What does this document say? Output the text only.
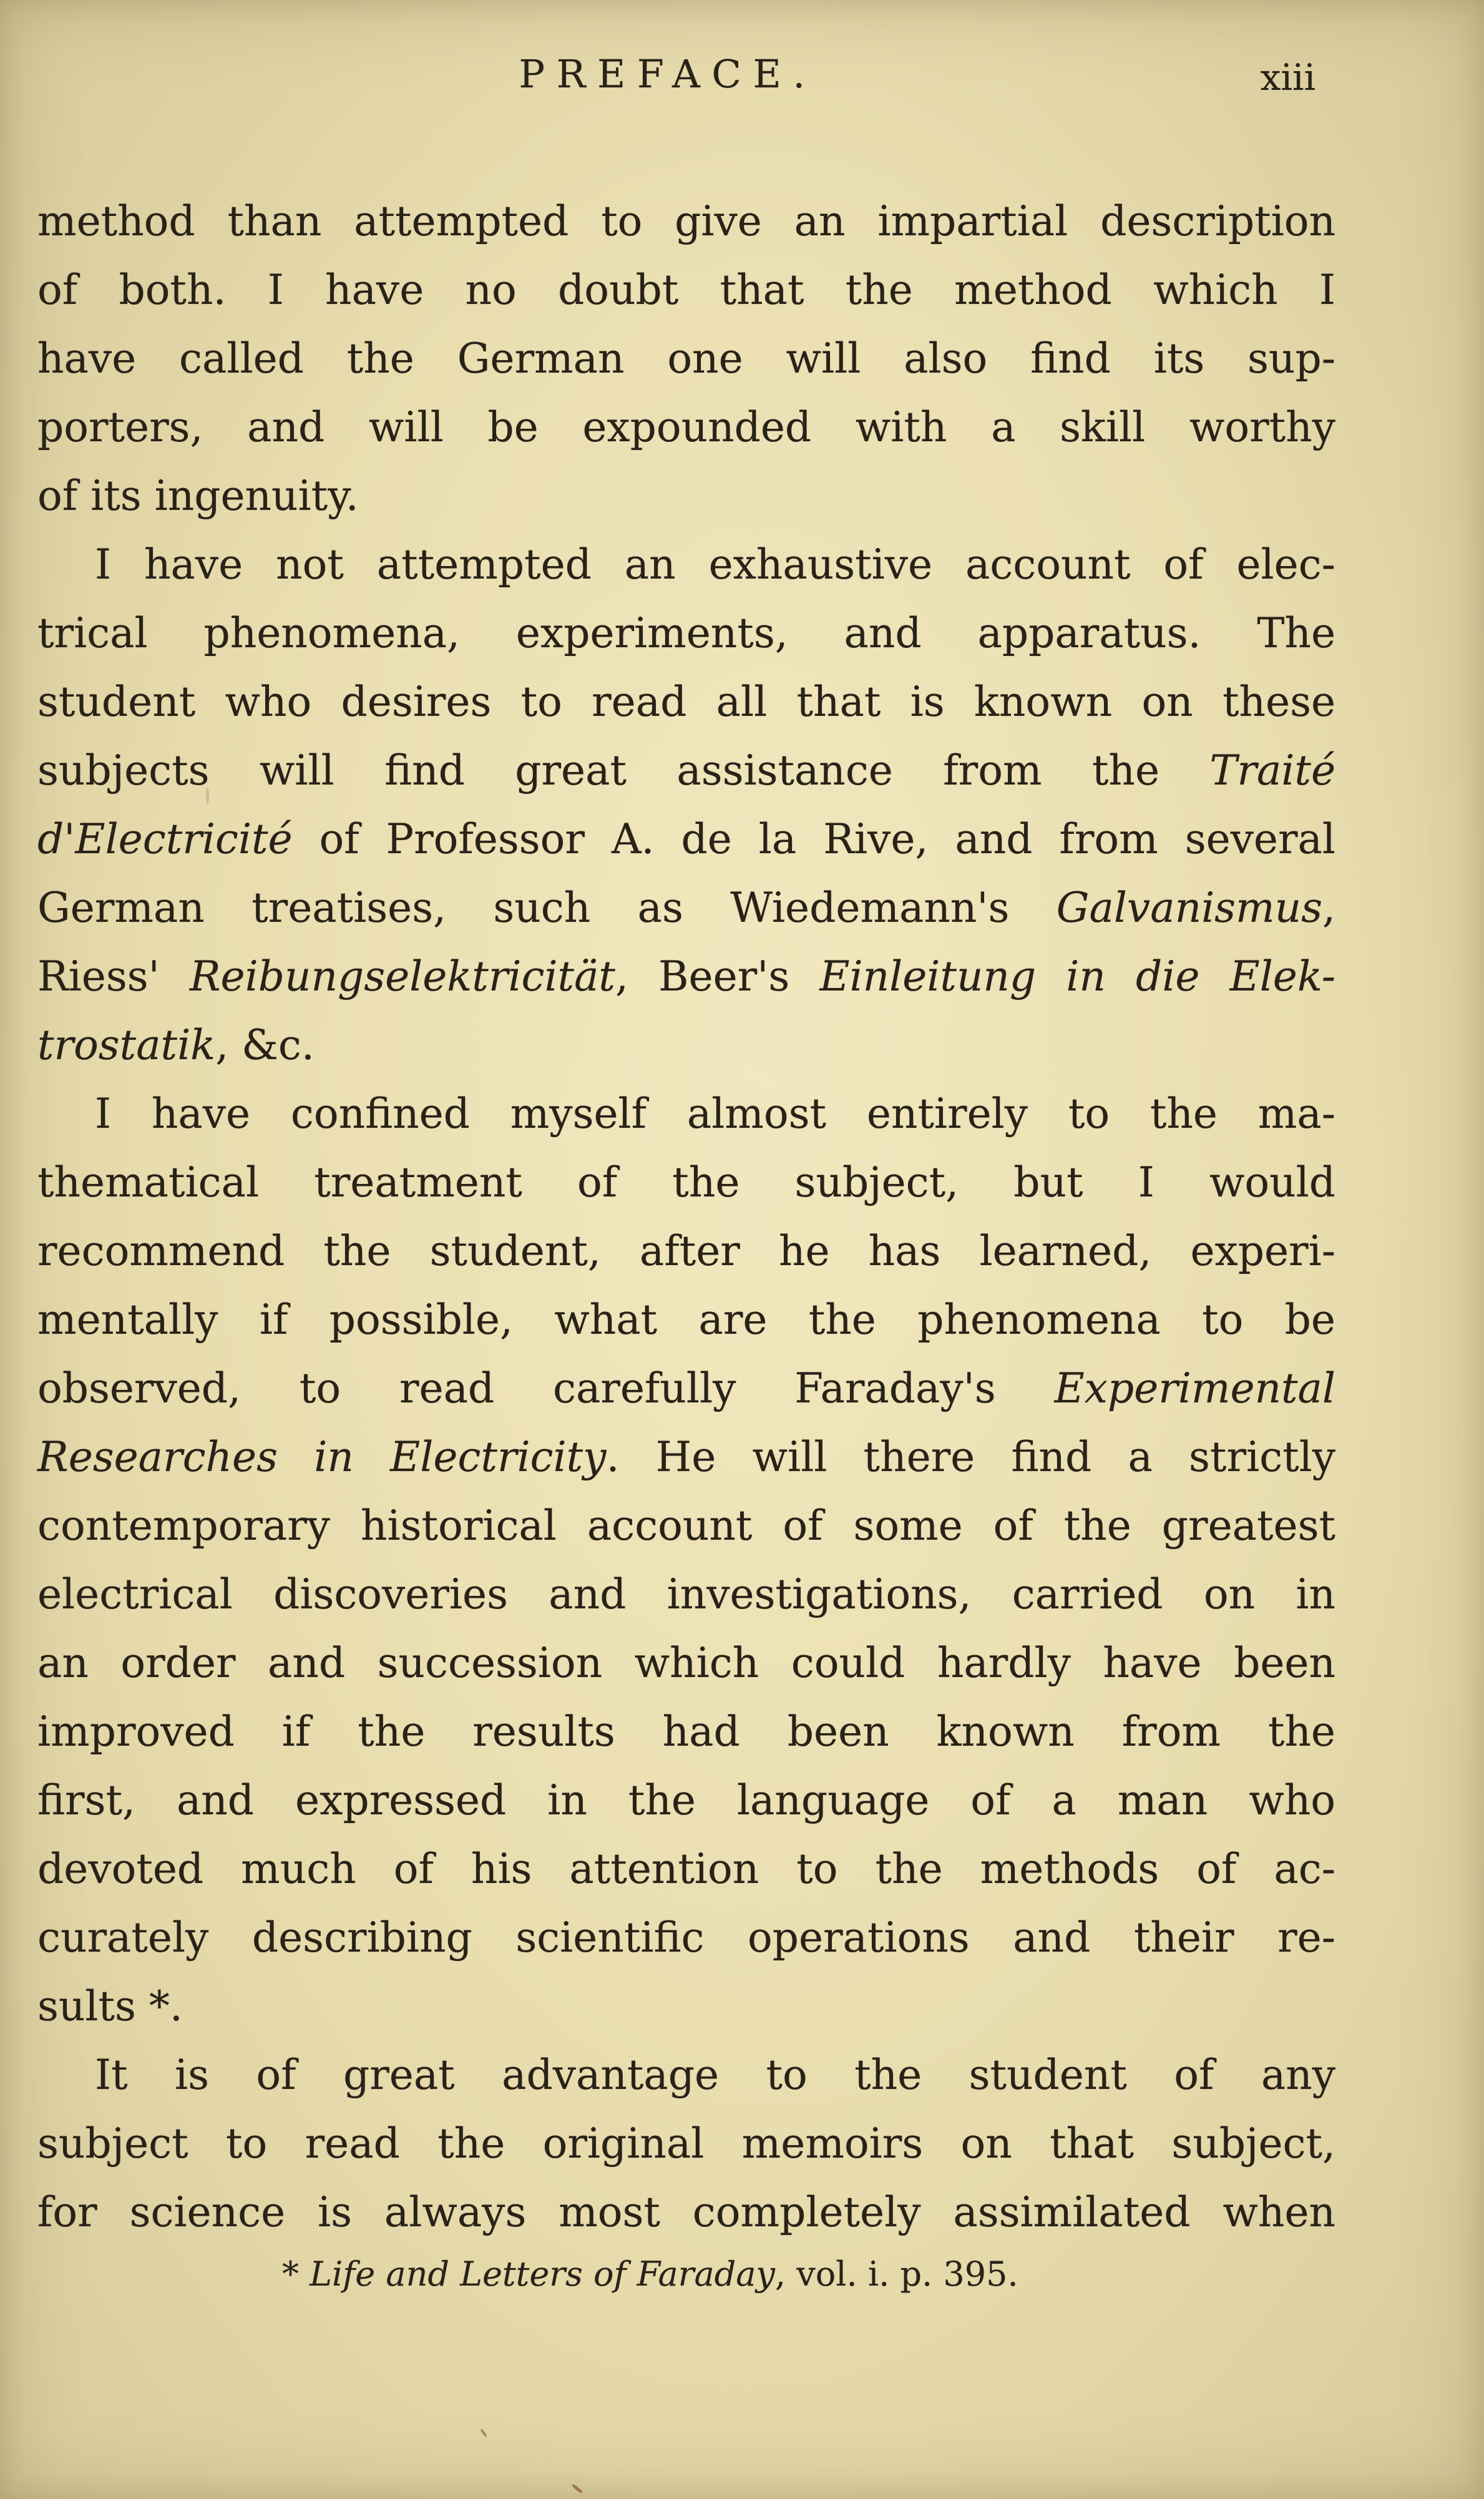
PREFACE.	xiii
method than attempted to give an impartial description
of both. I have no doubt that the method which I
have called the German one will also find its sup-
porters, and will be expounded with a skill worthy
of its ingenuity.
I have not attempted an exhaustive account of elec-
trical phenomena, experiments, and apparatus. The
student who desires to read all that is known on these
subjects will find great assistance from the Traité
d'Electricité of Professor A. de la Rive, and from several
German treatises, such as Wiedemann's Galvanismus,
Riess' Reibungselektricität, Beer's Einleitung in die Elek-
trostatik, &c.
I have confined myself almost entirely to the ma-
thematical treatment of the subject, but I would
recommend the student, after he has learned, experi-
mentally if possible, what are the phenomena to be
observed, to read carefully Faraday's Experimental
Researches in Electricity. He will there find a strictly
contemporary historical account of some of the greatest
electrical discoveries and investigations, carried on in
an order and succession which could hardly have been
improved if the results had been known from the
first, and expressed in the language of a man who
devoted much of his attention to the methods of ac-
curately describing scientific operations and their re-
sults *.
It is of great advantage to the student of any
subject to read the original memoirs on that subject,
for science is always most completely assimilated when
* Life and Letters of Faraday, vol. i. p. 395.
